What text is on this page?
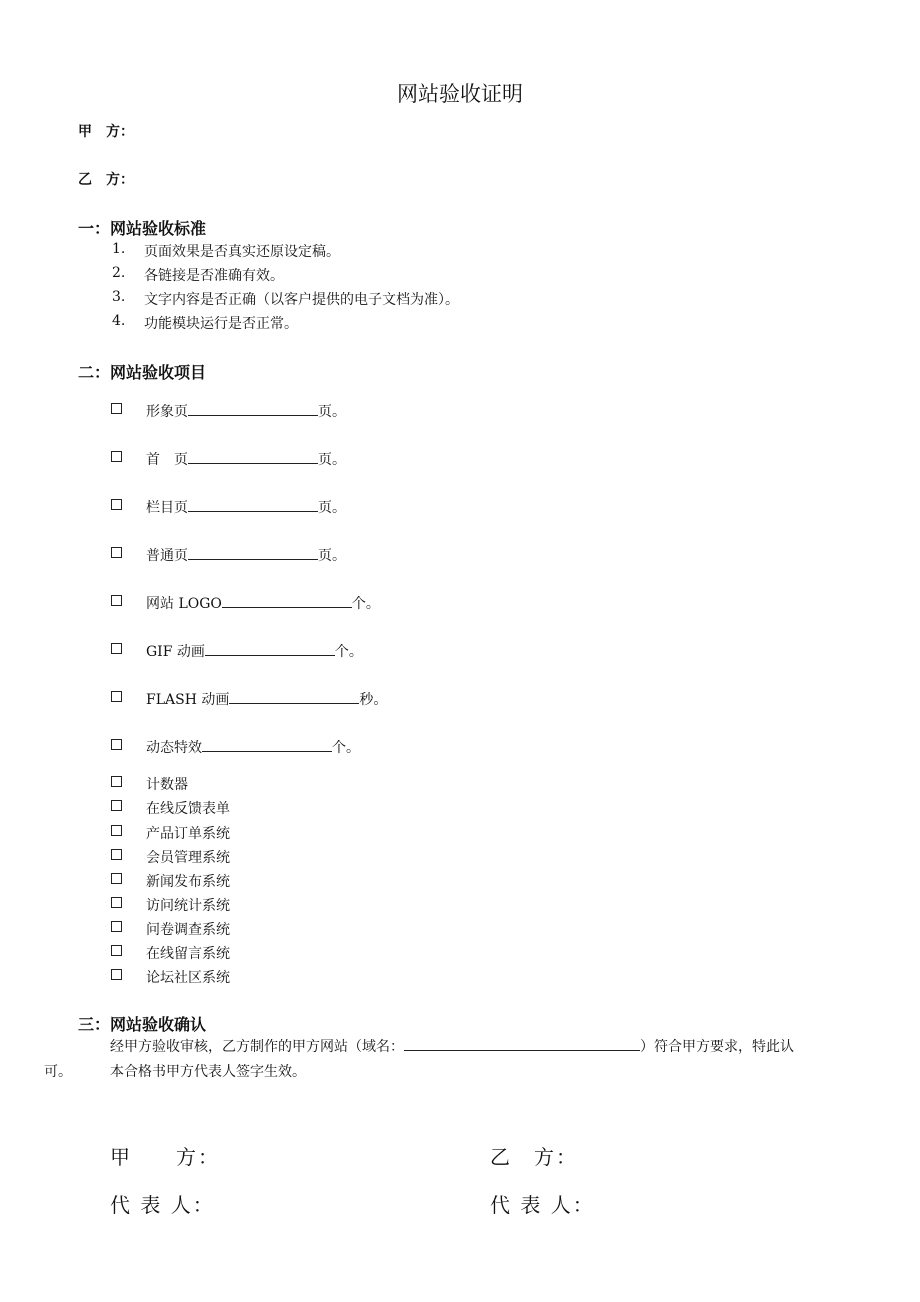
网站验收证明
甲　方：
乙　方：
一：网站验收标准
1. 页面效果是否真实还原设定稿。
2. 各链接是否准确有效。
3. 文字内容是否正确（以客户提供的电子文档为准）。
4. 功能模块运行是否正常。
二：网站验收项目
形象页	页。
首　页	页。
栏目页	页。
普通页	页。
网站 LOGO	个。
GIF 动画	个。
FLASH 动画	秒。
动态特效	个。
计数器
在线反馈表单
产品订单系统
会员管理系统
新闻发布系统
访问统计系统
问卷调查系统
在线留言系统
论坛社区系统
三：网站验收确认
经甲方验收审核，乙方制作的甲方网站（域名：	）符合甲方要求，特此认
可。	本合格书甲方代表人签字生效。
甲　　方：	乙　方：
代 表 人：	代 表 人：
